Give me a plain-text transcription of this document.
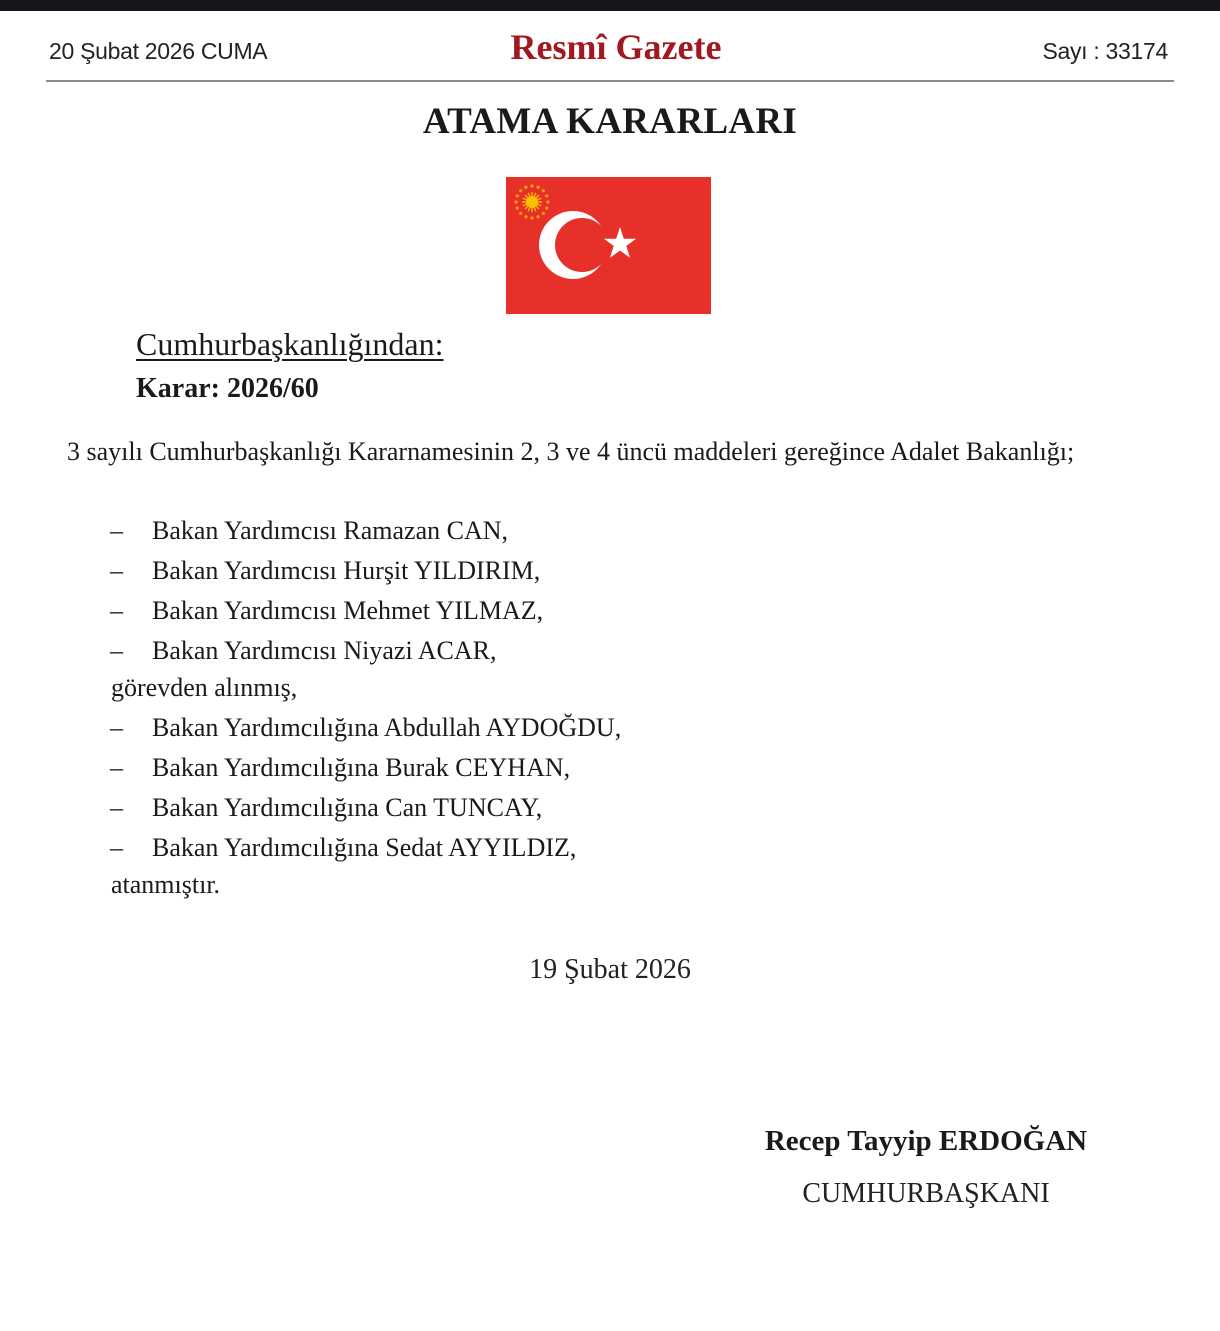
20 Şubat 2026 CUMA	Resmî Gazete	Sayı : 33174
ATAMA KARARLARI
Cumhurbaşkanlığından:
Karar: 2026/60
3 sayılı Cumhurbaşkanlığı Kararnamesinin 2, 3 ve 4 üncü maddeleri gereğince Adalet Bakanlığı;
– Bakan Yardımcısı Ramazan CAN,
– Bakan Yardımcısı Hurşit YILDIRIM,
– Bakan Yardımcısı Mehmet YILMAZ,
– Bakan Yardımcısı Niyazi ACAR,
görevden alınmış,
– Bakan Yardımcılığına Abdullah AYDOĞDU,
– Bakan Yardımcılığına Burak CEYHAN,
– Bakan Yardımcılığına Can TUNCAY,
– Bakan Yardımcılığına Sedat AYYILDIZ,
atanmıştır.
19 Şubat 2026
Recep Tayyip ERDOĞAN
CUMHURBAŞKANI
